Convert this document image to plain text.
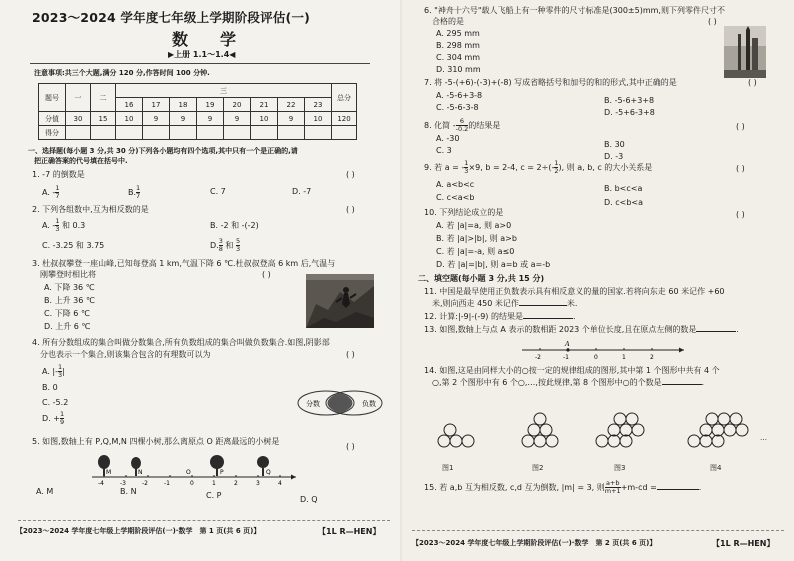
2023～2024 学年度七年级上学期阶段评估(一)
数　学
▶上册 1.1～1.4◀
注意事项:共三个大题,满分 120 分,作答时间 100 分钟.
题号	一	二	三								总分
			16	17	18	19	20	21	22	23	
分值	30	15	10	9	9	9	9	10	9	10	120
得分											
一、选择题(每小题 3 分,共 30 分)下列各小题均有四个选项,其中只有一个是正确的,请
把正确答案的代号填在括号中.
1. -7 的倒数是	( )
A. - $\frac{1}{7}$	B. $\frac{1}{7}$	C. 7	D. -7
2. 下列各组数中,互为相反数的是	( )
A. - $\frac{1}{3}$ 和 0.3	B. -2 和 -(-2)
C. -3.25 和 3.75	D. $\frac{3}{8}$ 和 $\frac{5}{3}$
3. 杜叔叔攀登一座山峰,已知每登高 1 km,气温下降 6 ℃.杜叔叔登高 6 km 后,气温与
刚攀登时相比将	( )
A. 下降 36 ℃
B. 上升 36 ℃
C. 下降 6 ℃
D. 上升 6 ℃
4. 所有分数组成的集合叫做分数集合,所有负数组成的集合叫做负数集合.如图,阴影部
分也表示一个集合,则该集合包含的有理数可以为	( )
A. |- $\frac{1}{3}$ |
B. 0
C. -5.2
D. + $\frac{1}{9}$
分数	负数
5. 如图,数轴上有 P,Q,M,N 四棵小树,那么离原点 O 距离最远的小树是
( )
M	N	P	Q
O
-4	-3	-2	-1	0	1	2	3	4
A. M	B. N	C. P	D. Q
【2023～2024 学年度七年级上学期阶段评估(一)·数学　第 1 页(共 6 页)】	【1L R—HEN】
6. "神舟十六号"载人飞船上有一种零件的尺寸标准是(300±5)mm,则下列零件尺寸不
合格的是	( )
A. 295 mm
B. 298 mm
C. 304 mm
D. 310 mm
7. 将 -5-(+6)-(-3)+(-8) 写成省略括号和加号的和的形式,其中正确的是	( )
A. -5-6+3-8
B. -5-6+3+8
C. -5-6-3-8
D. -5+6-3+8
8. 化简 - $\frac{6}{-0.2}$ 的结果是	( )
A. -30
B. 30
C. 3
D. -3
9. 若 a = - $\frac{1}{3} \times 9$, b = 2-4, $c = 2\div(- \frac{1}{2}$ ), 则 a, b, c 的大小关系是	( )
A. a<b<c	B. b<c<a
C. c<a<b
D. c<b<a
10. 下列结论成立的是	( )
A. 若 |a|=a, 则 a>0
B. 若 |a|>|b|, 则 a>b
C. 若 |a|=-a, 则 a≤0
D. 若 |a|=|b|, 则 a=b 或 a=-b
二、填空题(每小题 3 分,共 15 分)
11. 中国是最早使用正负数表示具有相反意义的量的国家.若将向东走 60 米记作 +60
米,则向西走 450 米记作	米.
12. 计算:|-9|-(-9) 的结果是	.
13. 如图,数轴上与点 A 表示的数相距 2023 个单位长度,且在原点左侧的数是	.
A
-2	-1	0	1	2
14. 如图,这是由同样大小的○按一定的规律组成的图形,其中第 1 个图形中共有 4 个
○,第 2 个图形中有 6 个○,…,按此规律,第 8 个图形中○的个数是	.
图1	图2	图3	图4
…
15. 若 a,b 互为相反数, c,d 互为倒数, |m| = 3, 则 $\frac{a+b}{m+1} +m-cd$ =	.
【2023～2024 学年度七年级上学期阶段评估(一)·数学　第 2 页(共 6 页)】	【1L R—HEN】
